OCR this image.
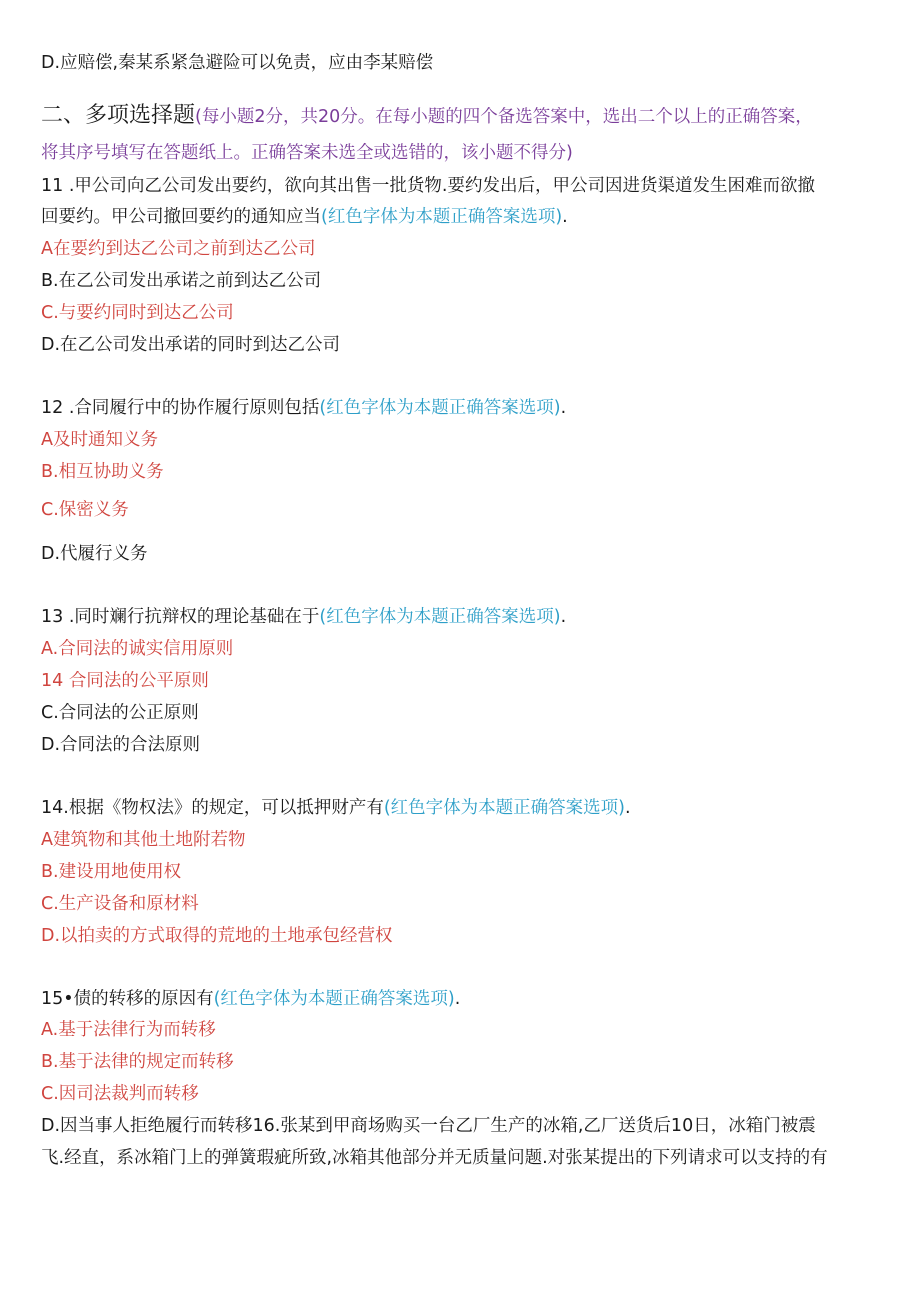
D.应赔偿,秦某系紧急避险可以免责，应由李某赔偿
二、多项选择题(每小题2分，共20分。在每小题的四个备选答案中，选出二个以上的正确答案，
将其序号填写在答题纸上。正确答案未选全或选错的，该小题不得分)
11 .甲公司向乙公司发出要约，欲向其出售一批货物.要约发出后，甲公司因进货渠道发生困难而欲撤
回要约。甲公司撤回要约的通知应当(红色字体为本题正确答案选项).
A在要约到达乙公司之前到达乙公司
B.在乙公司发出承诺之前到达乙公司
C.与要约同时到达乙公司
D.在乙公司发出承诺的同时到达乙公司
12 .合同履行中的协作履行原则包括(红色字体为本题正确答案选项).
A及时通知义务
B.相互协助义务
C.保密义务
D.代履行义务
13 .同时斓行抗辩权的理论基础在于(红色字体为本题正确答案选项).
A.合同法的诚实信用原则
14 合同法的公平原则
C.合同法的公正原则
D.合同法的合法原则
14.根据《物权法》的规定，可以抵押财产有(红色字体为本题正确答案选项).
A建筑物和其他土地附若物
B.建设用地使用权
C.生产设备和原材料
D.以拍卖的方式取得的荒地的土地承包经营权
15•债的转移的原因有(红色字体为本题正确答案选项).
A.基于法律行为而转移
B.基于法律的规定而转移
C.因司法裁判而转移
D.因当事人拒绝履行而转移16.张某到甲商场购买一台乙厂生产的冰箱,乙厂送货后10日，冰箱门被震
飞.经直，系冰箱门上的弹簧瑕疵所致,冰箱其他部分并无质量问题.对张某提出的下列请求可以支持的有
